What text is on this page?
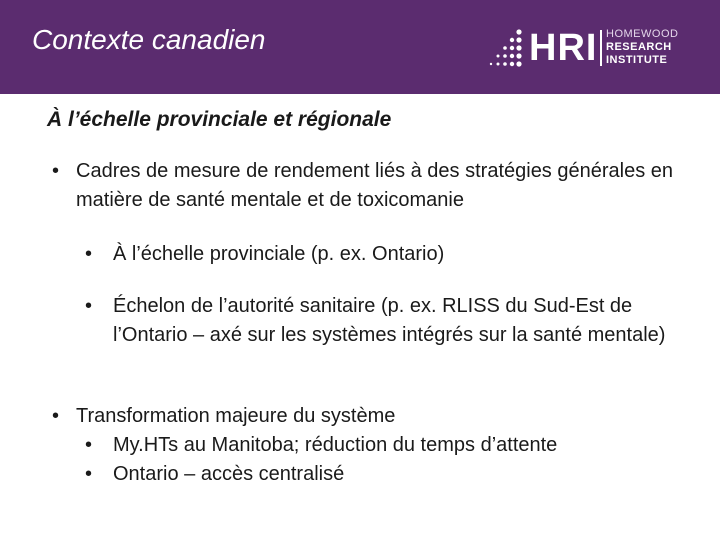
Contexte canadien	HRI HOMEWOOD
RESEARCH
INSTITUTE
À l’échelle provinciale et régionale
• Cadres de mesure de rendement liés à des stratégies générales en matière de santé mentale et de toxicomanie
• À l’échelle provinciale (p. ex. Ontario)
• Échelon de l’autorité sanitaire (p. ex. RLISS du Sud-Est de l’Ontario – axé sur les systèmes intégrés sur la santé mentale)
• Transformation majeure du système
• My.HTs au Manitoba; réduction du temps d’attente
• Ontario – accès centralisé
